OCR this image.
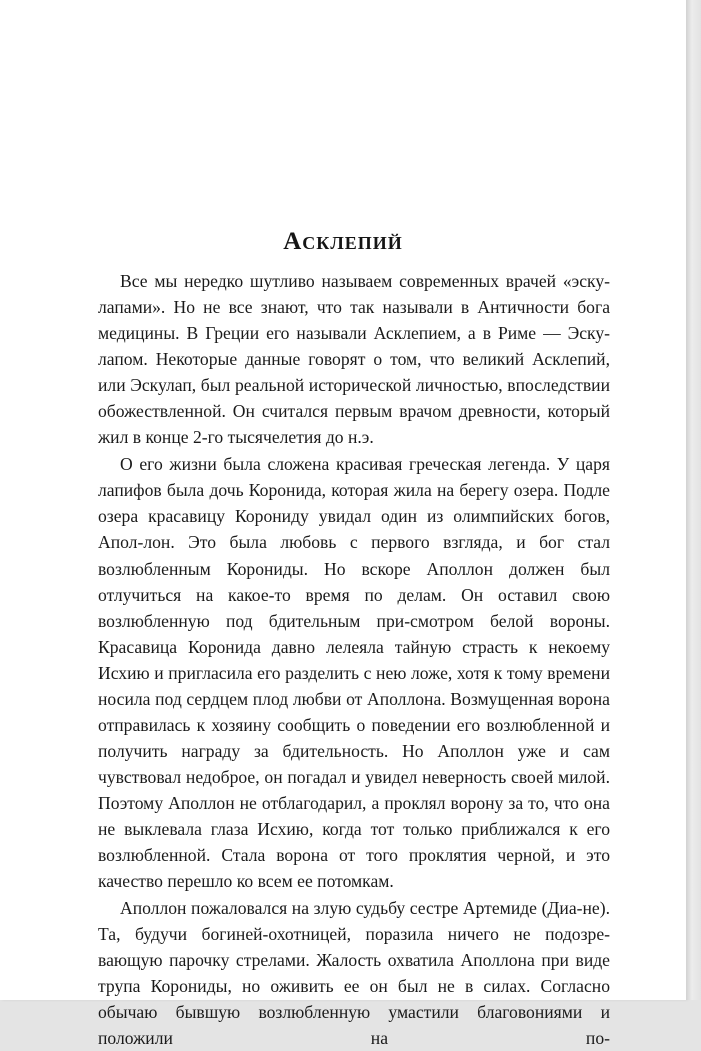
Асклепий

Все мы нередко шутливо называем современных врачей «эску-лапами». Но не все знают, что так называли в Античности бога медицины. В Греции его называли Асклепием, а в Риме — Эску-лапом. Некоторые данные говорят о том, что великий Асклепий, или Эскулап, был реальной исторической личностью, впоследствии обожествленной. Он считался первым врачом древности, который
жил в конце 2-го тысячелетия до н.э.

О его жизни была сложена красивая греческая легенда. У царя лапифов была дочь Коронида, которая жила на берегу озера. Подле озера красавицу Корониду увидал один из олимпийских богов, Апол-лон. Это была любовь с первого взгляда, и бог стал возлюбленным Корониды. Но вскоре Аполлон должен был отлучиться на какое-то время по делам. Он оставил свою возлюбленную под бдительным при-смотром белой вороны. Красавица Коронида давно лелеяла тайную страсть к некоему Исхию и пригласила его разделить с нею ложе, хотя к тому времени носила под сердцем плод любви от Аполлона. Возмущенная ворона отправилась к хозяину сообщить о поведении его возлюбленной и получить награду за бдительность. Но Аполлон уже и сам чувствовал недоброе, он погадал и увидел неверность своей милой. Поэтому Аполлон не отблагодарил, а проклял ворону за то, что она не выклевала глаза Исхию, когда тот только приближался к его возлюбленной. Стала ворона от того проклятия черной, и это
качество перешло ко всем ее потомкам.

Аполлон пожаловался на злую судьбу сестре Артемиде (Диа-не). Та, будучи богиней-охотницей, поразила ничего не подозре-вающую парочку стрелами. Жалость охватила Аполлона при виде трупа Корониды, но оживить ее он был не в силах. Согласно обычаю бывшую возлюбленную умастили благовониями и положили на по-
